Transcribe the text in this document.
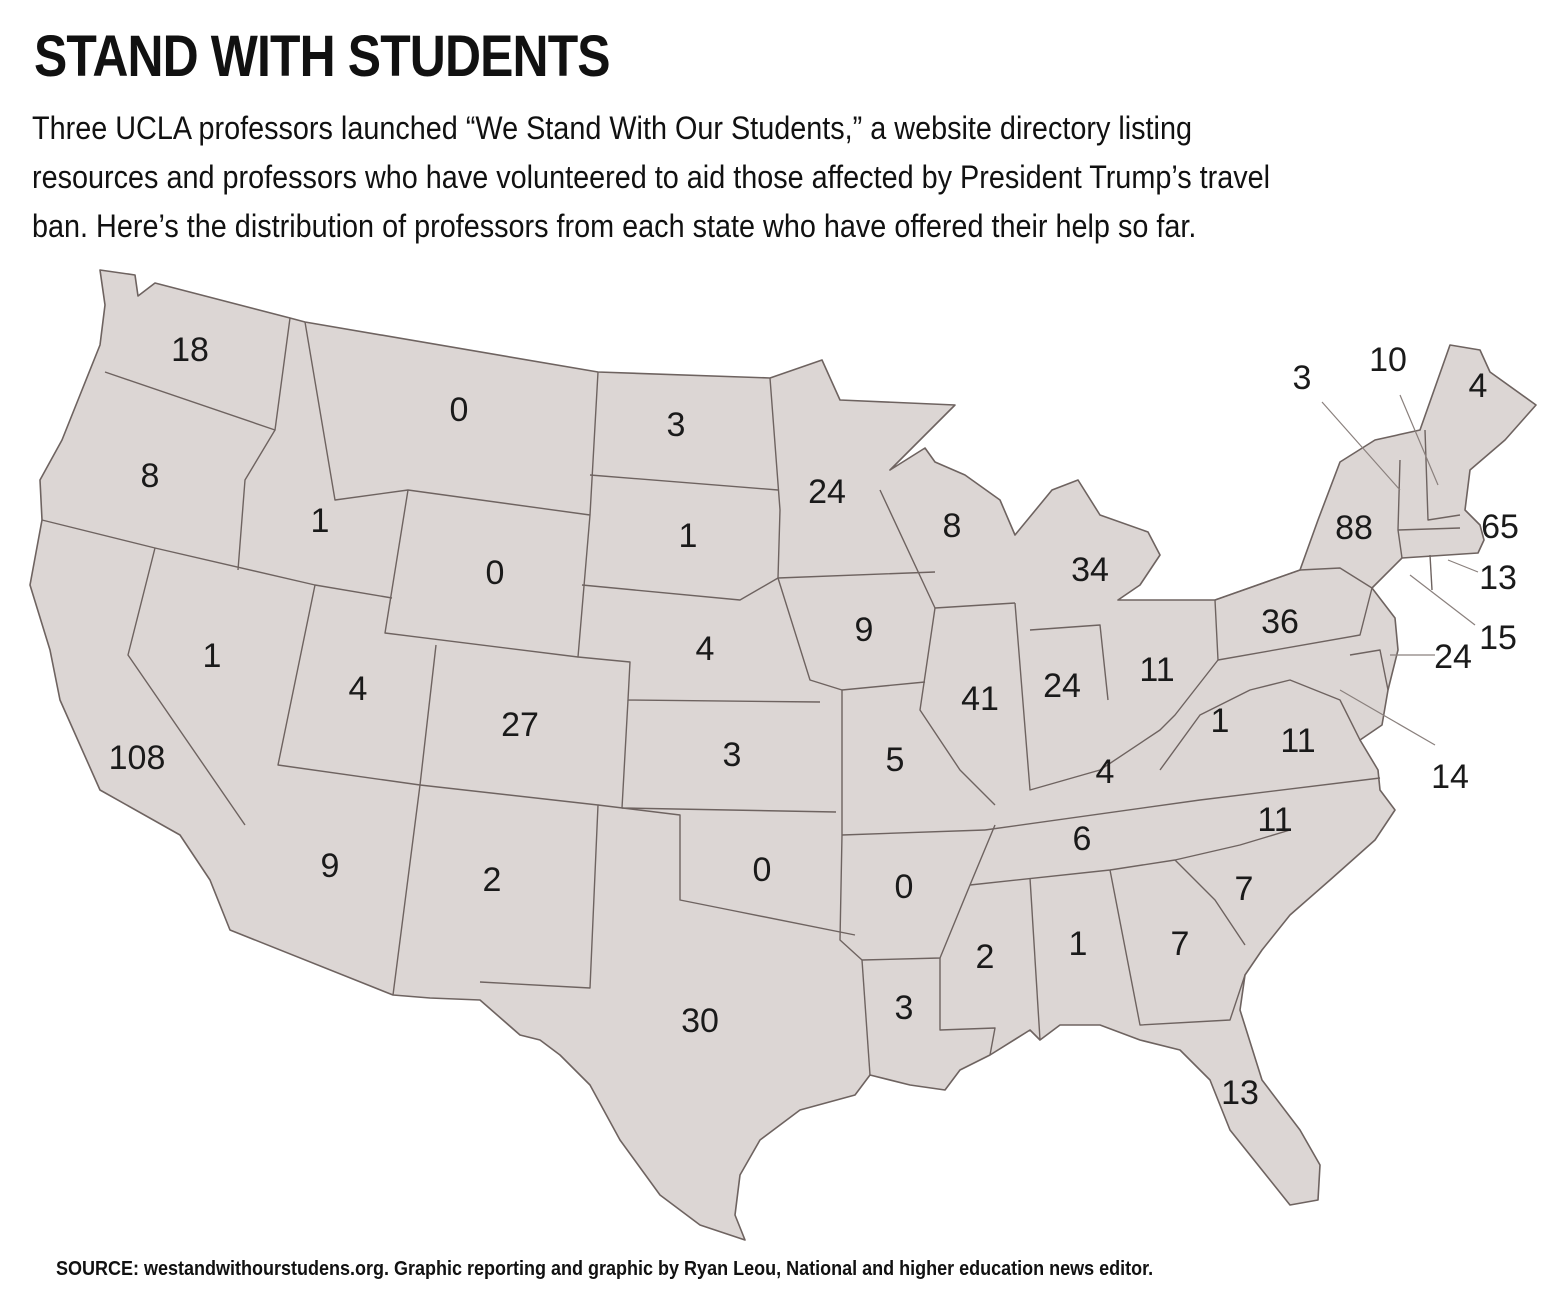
STAND WITH STUDENTS
Three UCLA professors launched “We Stand With Our Students,” a website directory listing
resources and professors who have volunteered to aid those affected by President Trump’s travel
ban. Here’s the distribution of professors from each state who have offered their help so far.
18
8
108
1
1
0
0
4
9
27
2
3
1
4
3
0
30
24
9
5
0
3
8
41
34
24 11
4
6
2 1 7
13
7
11
11
1
36
88
3 10
4
65
13
15
24
14

SOURCE: westandwithourstudens.org. Graphic reporting and graphic by Ryan Leou, National and higher education news editor.
